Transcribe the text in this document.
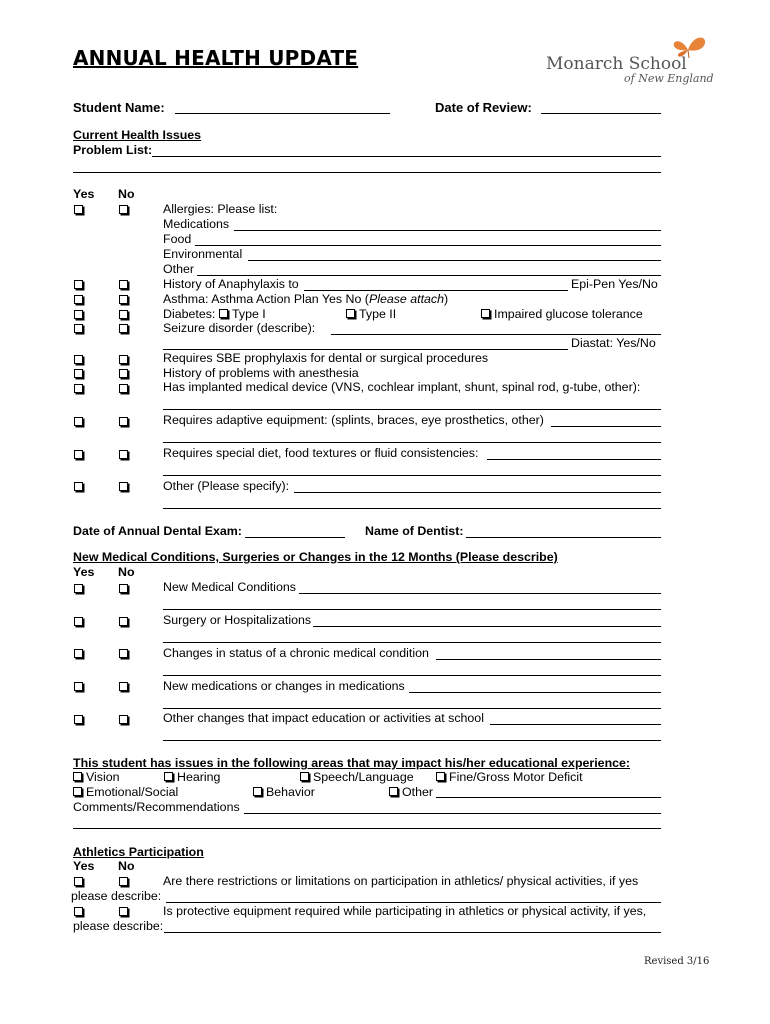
ANNUAL HEALTH UPDATE	Monarch School
of New England
Student Name:	Date of Review:
Current Health Issues
Problem List:
Yes No
Allergies: Please list:
Medications
Food
Environmental
Other
History of Anaphylaxis to	Epi-Pen Yes/No
Asthma: Asthma Action Plan Yes No (Please attach)
Diabetes:	Type I	Type II	Impaired glucose tolerance
Seizure disorder (describe):
Diastat: Yes/No
Requires SBE prophylaxis for dental or surgical procedures
History of problems with anesthesia
Has implanted medical device (VNS, cochlear implant, shunt, spinal rod, g-tube, other):
Requires adaptive equipment: (splints, braces, eye prosthetics, other)
Requires special diet, food textures or fluid consistencies:
Other (Please specify):
Date of Annual Dental Exam:	Name of Dentist:
New Medical Conditions, Surgeries or Changes in the 12 Months (Please describe)
Yes No
New Medical Conditions
Surgery or Hospitalizations
Changes in status of a chronic medical condition
New medications or changes in medications
Other changes that impact education or activities at school
This student has issues in the following areas that may impact his/her educational experience:
Vision	Hearing	Speech/Language	Fine/Gross Motor Deficit
Emotional/Social	Behavior	Other
Comments/Recommendations
Athletics Participation
Yes No
Are there restrictions or limitations on participation in athletics/ physical activities, if yes
please describe:
Is protective equipment required while participating in athletics or physical activity, if yes,
please describe:
Revised 3/16
